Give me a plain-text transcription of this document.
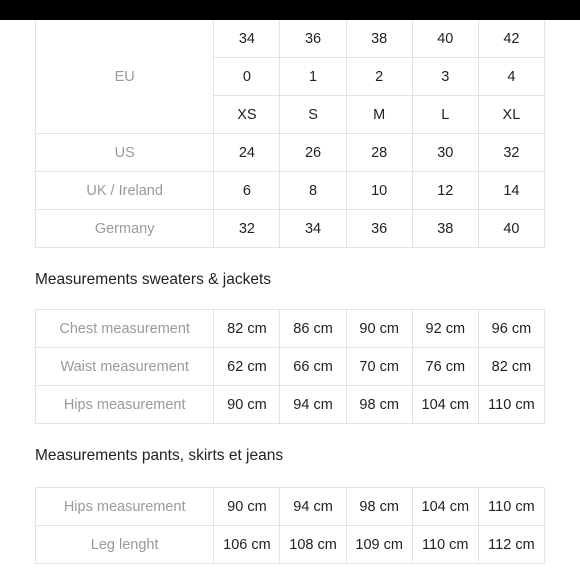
EU	34	36	38	40	42
	0	1	2	3	4
	XS	S	M	L	XL
US	24	26	28	30	32
UK / Ireland	6	8	10	12	14
Germany	32	34	36	38	40
Measurements sweaters & jackets
Chest measurement	82 cm	86 cm	90 cm	92 cm	96 cm
Waist measurement	62 cm	66 cm	70 cm	76 cm	82 cm
Hips measurement	90 cm	94 cm	98 cm	104 cm	110 cm
Measurements pants, skirts et jeans
Hips measurement	90 cm	94 cm	98 cm	104 cm	110 cm
Leg lenght	106 cm	108 cm	109 cm	110 cm	112 cm
